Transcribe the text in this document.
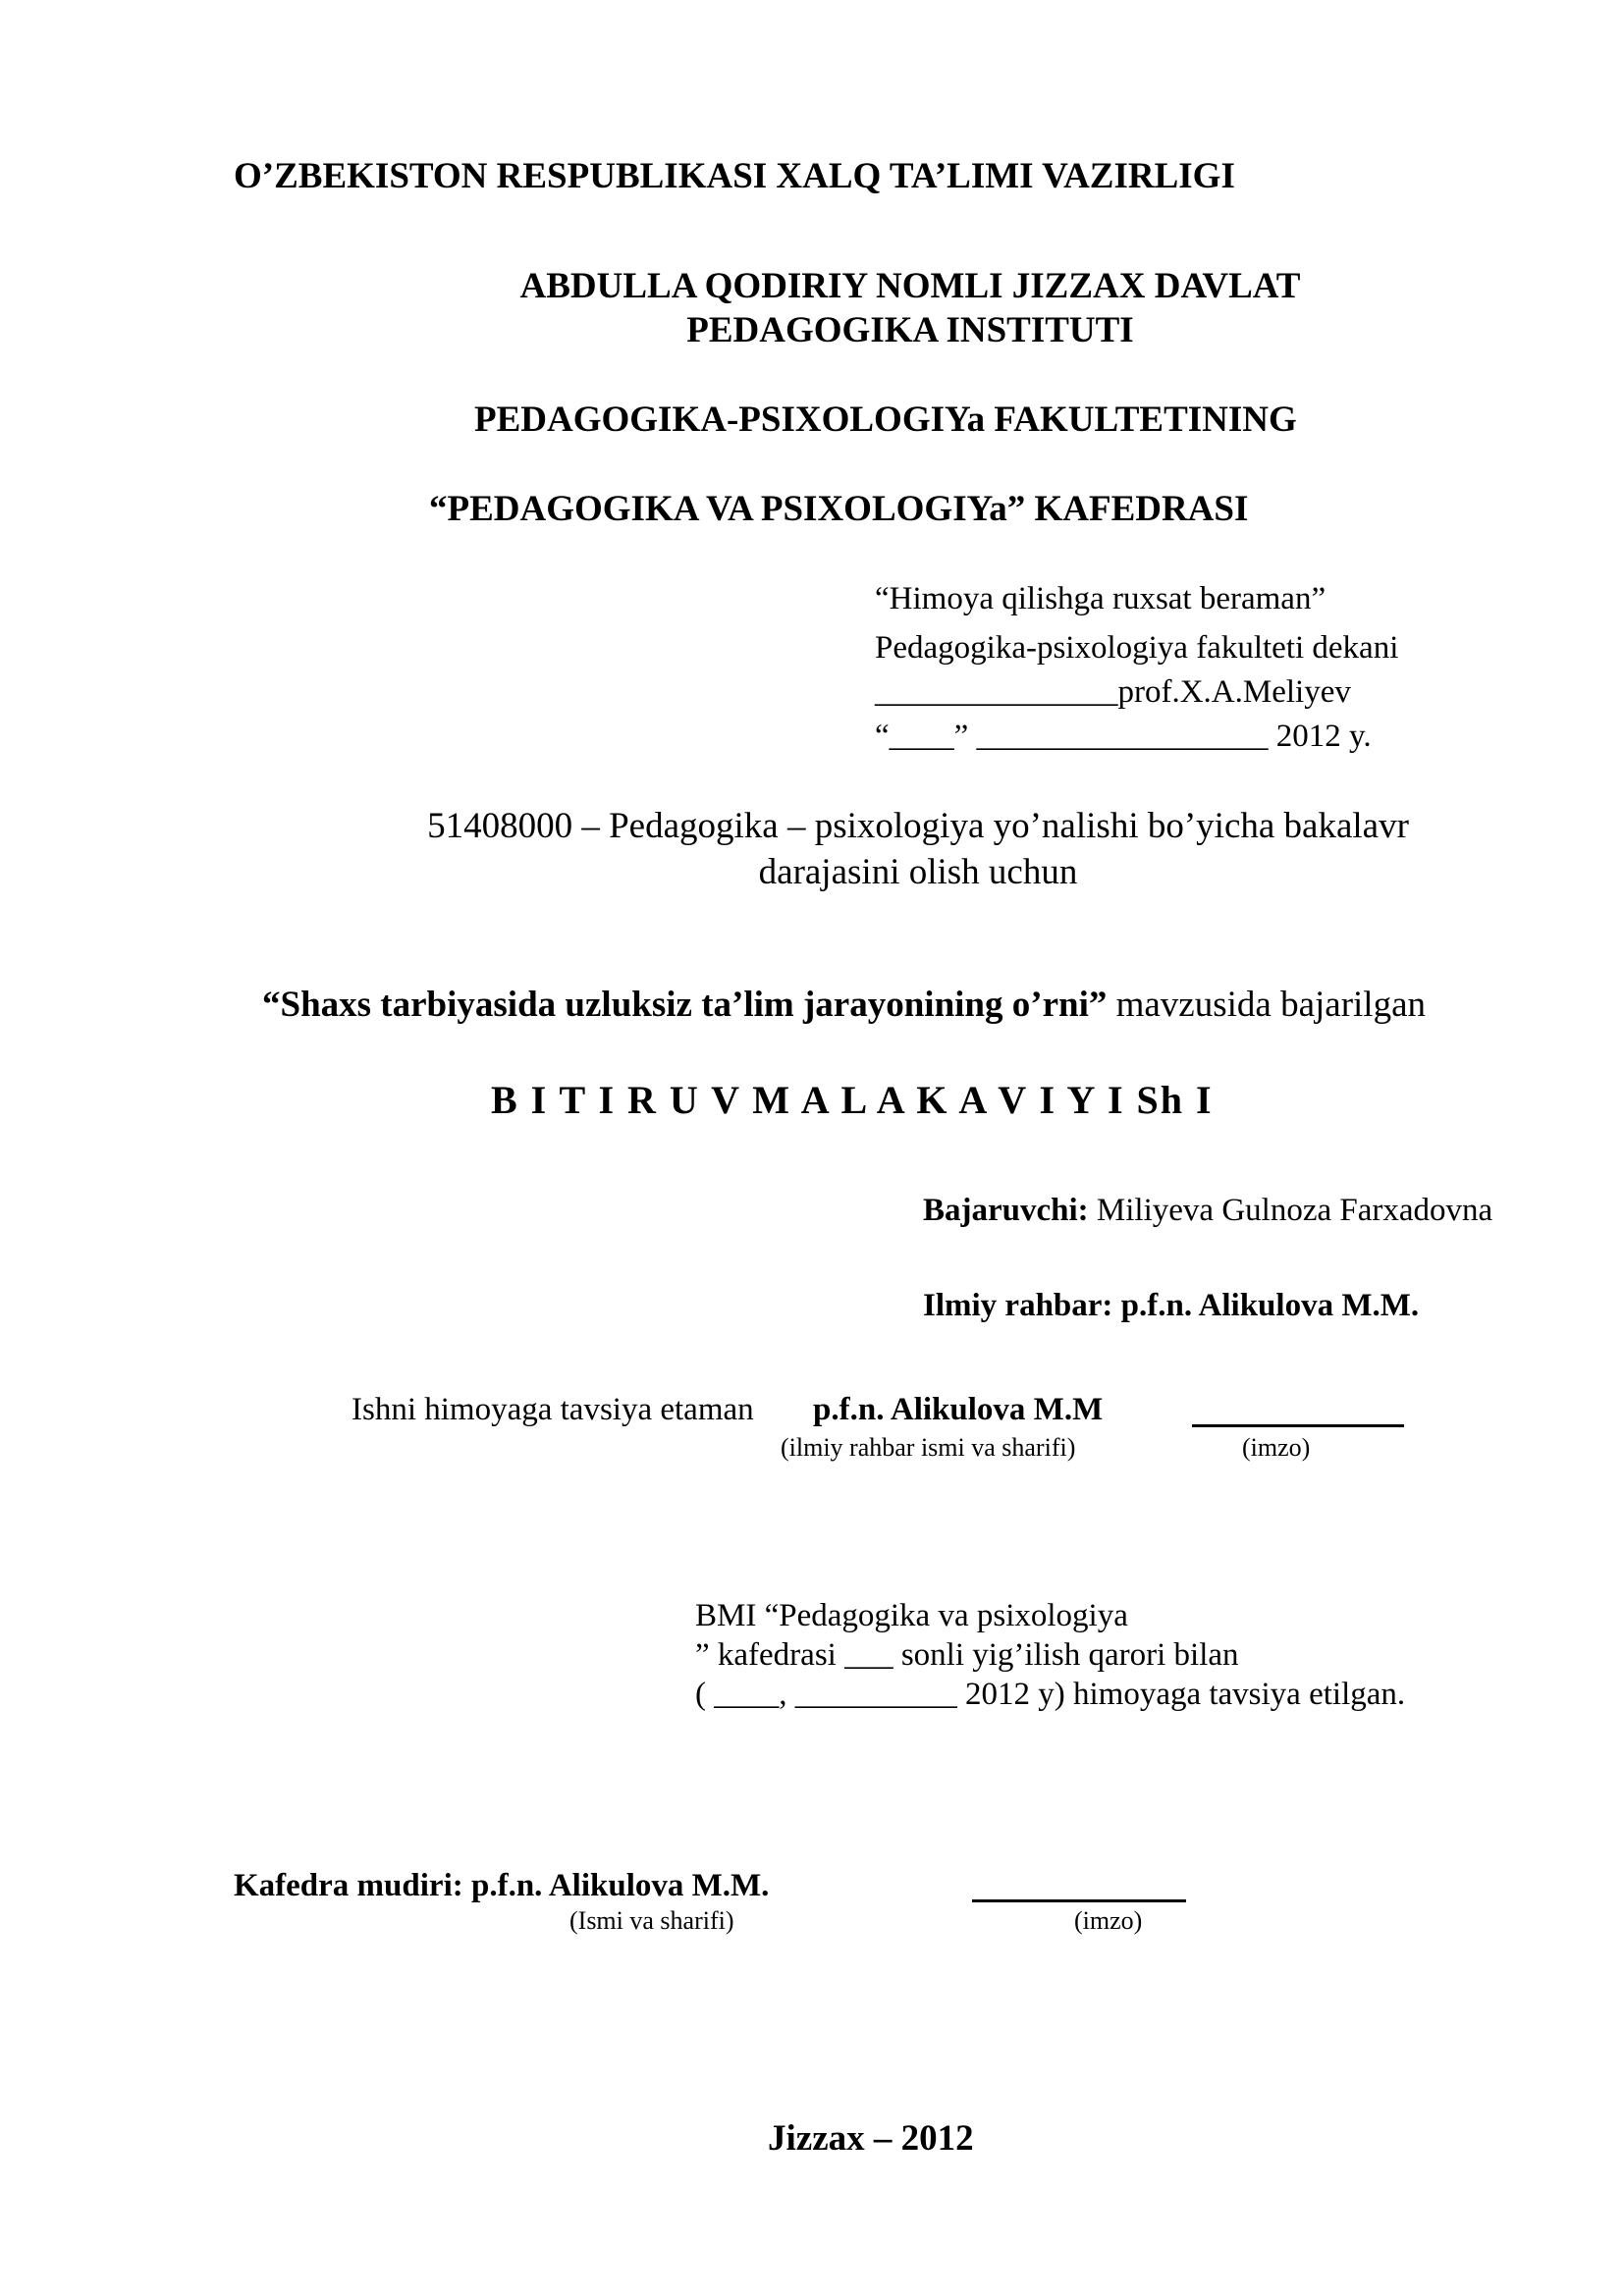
O’ZBEKISTON RESPUBLIKASI XALQ TA’LIMI VAZIRLIGI
ABDULLA QODIRIY NOMLI JIZZAX DAVLAT
PEDAGOGIKA INSTITUTI
PEDAGOGIKA-PSIXOLOGIYa FAKULTETINING
“PEDAGOGIKA VA PSIXOLOGIYa” KAFEDRASI
“Himoya qilishga ruxsat beraman”
Pedagogika-psixologiya fakulteti dekani
_______________prof.X.A.Meliyev
“____” __________________ 2012 y.
51408000 – Pedagogika – psixologiya yo’nalishi bo’yicha bakalavr
darajasini olish uchun
“Shaxs tarbiyasida uzluksiz ta’lim jarayonining o’rni” mavzusida bajarilgan
B I T I R U V M A L A K A V I Y I Sh I
Bajaruvchi: Miliyeva Gulnoza Farxadovna
Ilmiy rahbar: p.f.n. Alikulova M.M.
Ishni himoyaga tavsiya etaman p.f.n. Alikulova M.M
(ilmiy rahbar ismi va sharifi)	(imzo)
BMI “Pedagogika va psixologiya
” kafedrasi ___ sonli yig’ilish qarori bilan
( ____, __________ 2012 y) himoyaga tavsiya etilgan.
Kafedra mudiri: p.f.n. Alikulova M.M.
(Ismi va sharifi)	(imzo)
Jizzax – 2012
